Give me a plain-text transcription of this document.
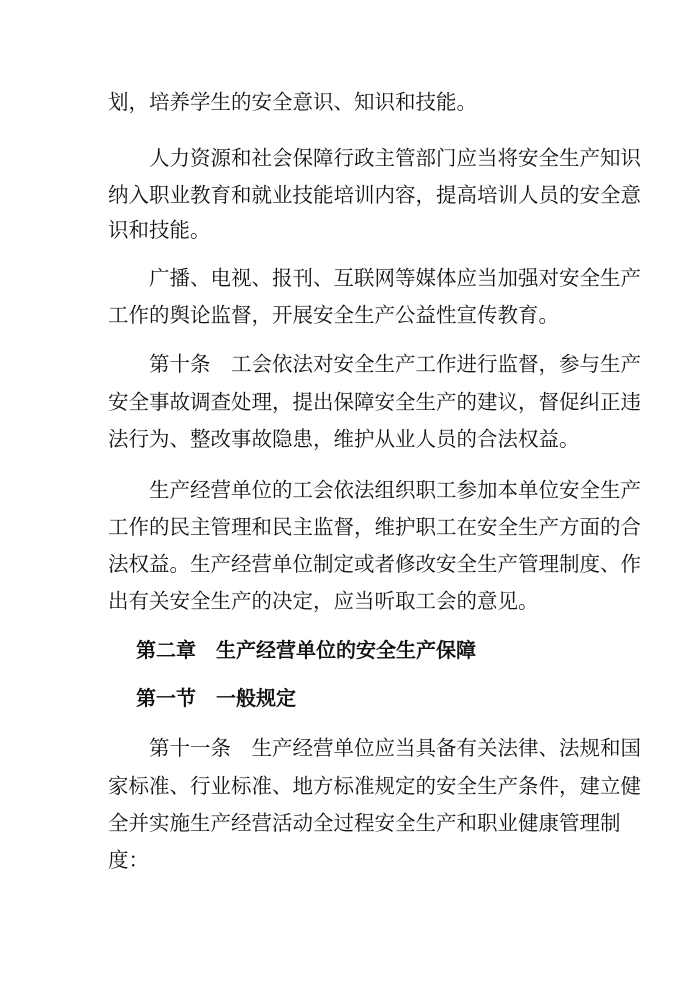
划，培养学生的安全意识、知识和技能。
　　人力资源和社会保障行政主管部门应当将安全生产知识
纳入职业教育和就业技能培训内容，提高培训人员的安全意
识和技能。
　　广播、电视、报刊、互联网等媒体应当加强对安全生产
工作的舆论监督，开展安全生产公益性宣传教育。
　　第十条　工会依法对安全生产工作进行监督，参与生产
安全事故调查处理，提出保障安全生产的建议，督促纠正违
法行为、整改事故隐患，维护从业人员的合法权益。
　　生产经营单位的工会依法组织职工参加本单位安全生产
工作的民主管理和民主监督，维护职工在安全生产方面的合
法权益。生产经营单位制定或者修改安全生产管理制度、作
出有关安全生产的决定，应当听取工会的意见。
第二章　生产经营单位的安全生产保障
第一节　一般规定
　　第十一条　生产经营单位应当具备有关法律、法规和国
家标准、行业标准、地方标准规定的安全生产条件，建立健
全并实施生产经营活动全过程安全生产和职业健康管理制
度：
